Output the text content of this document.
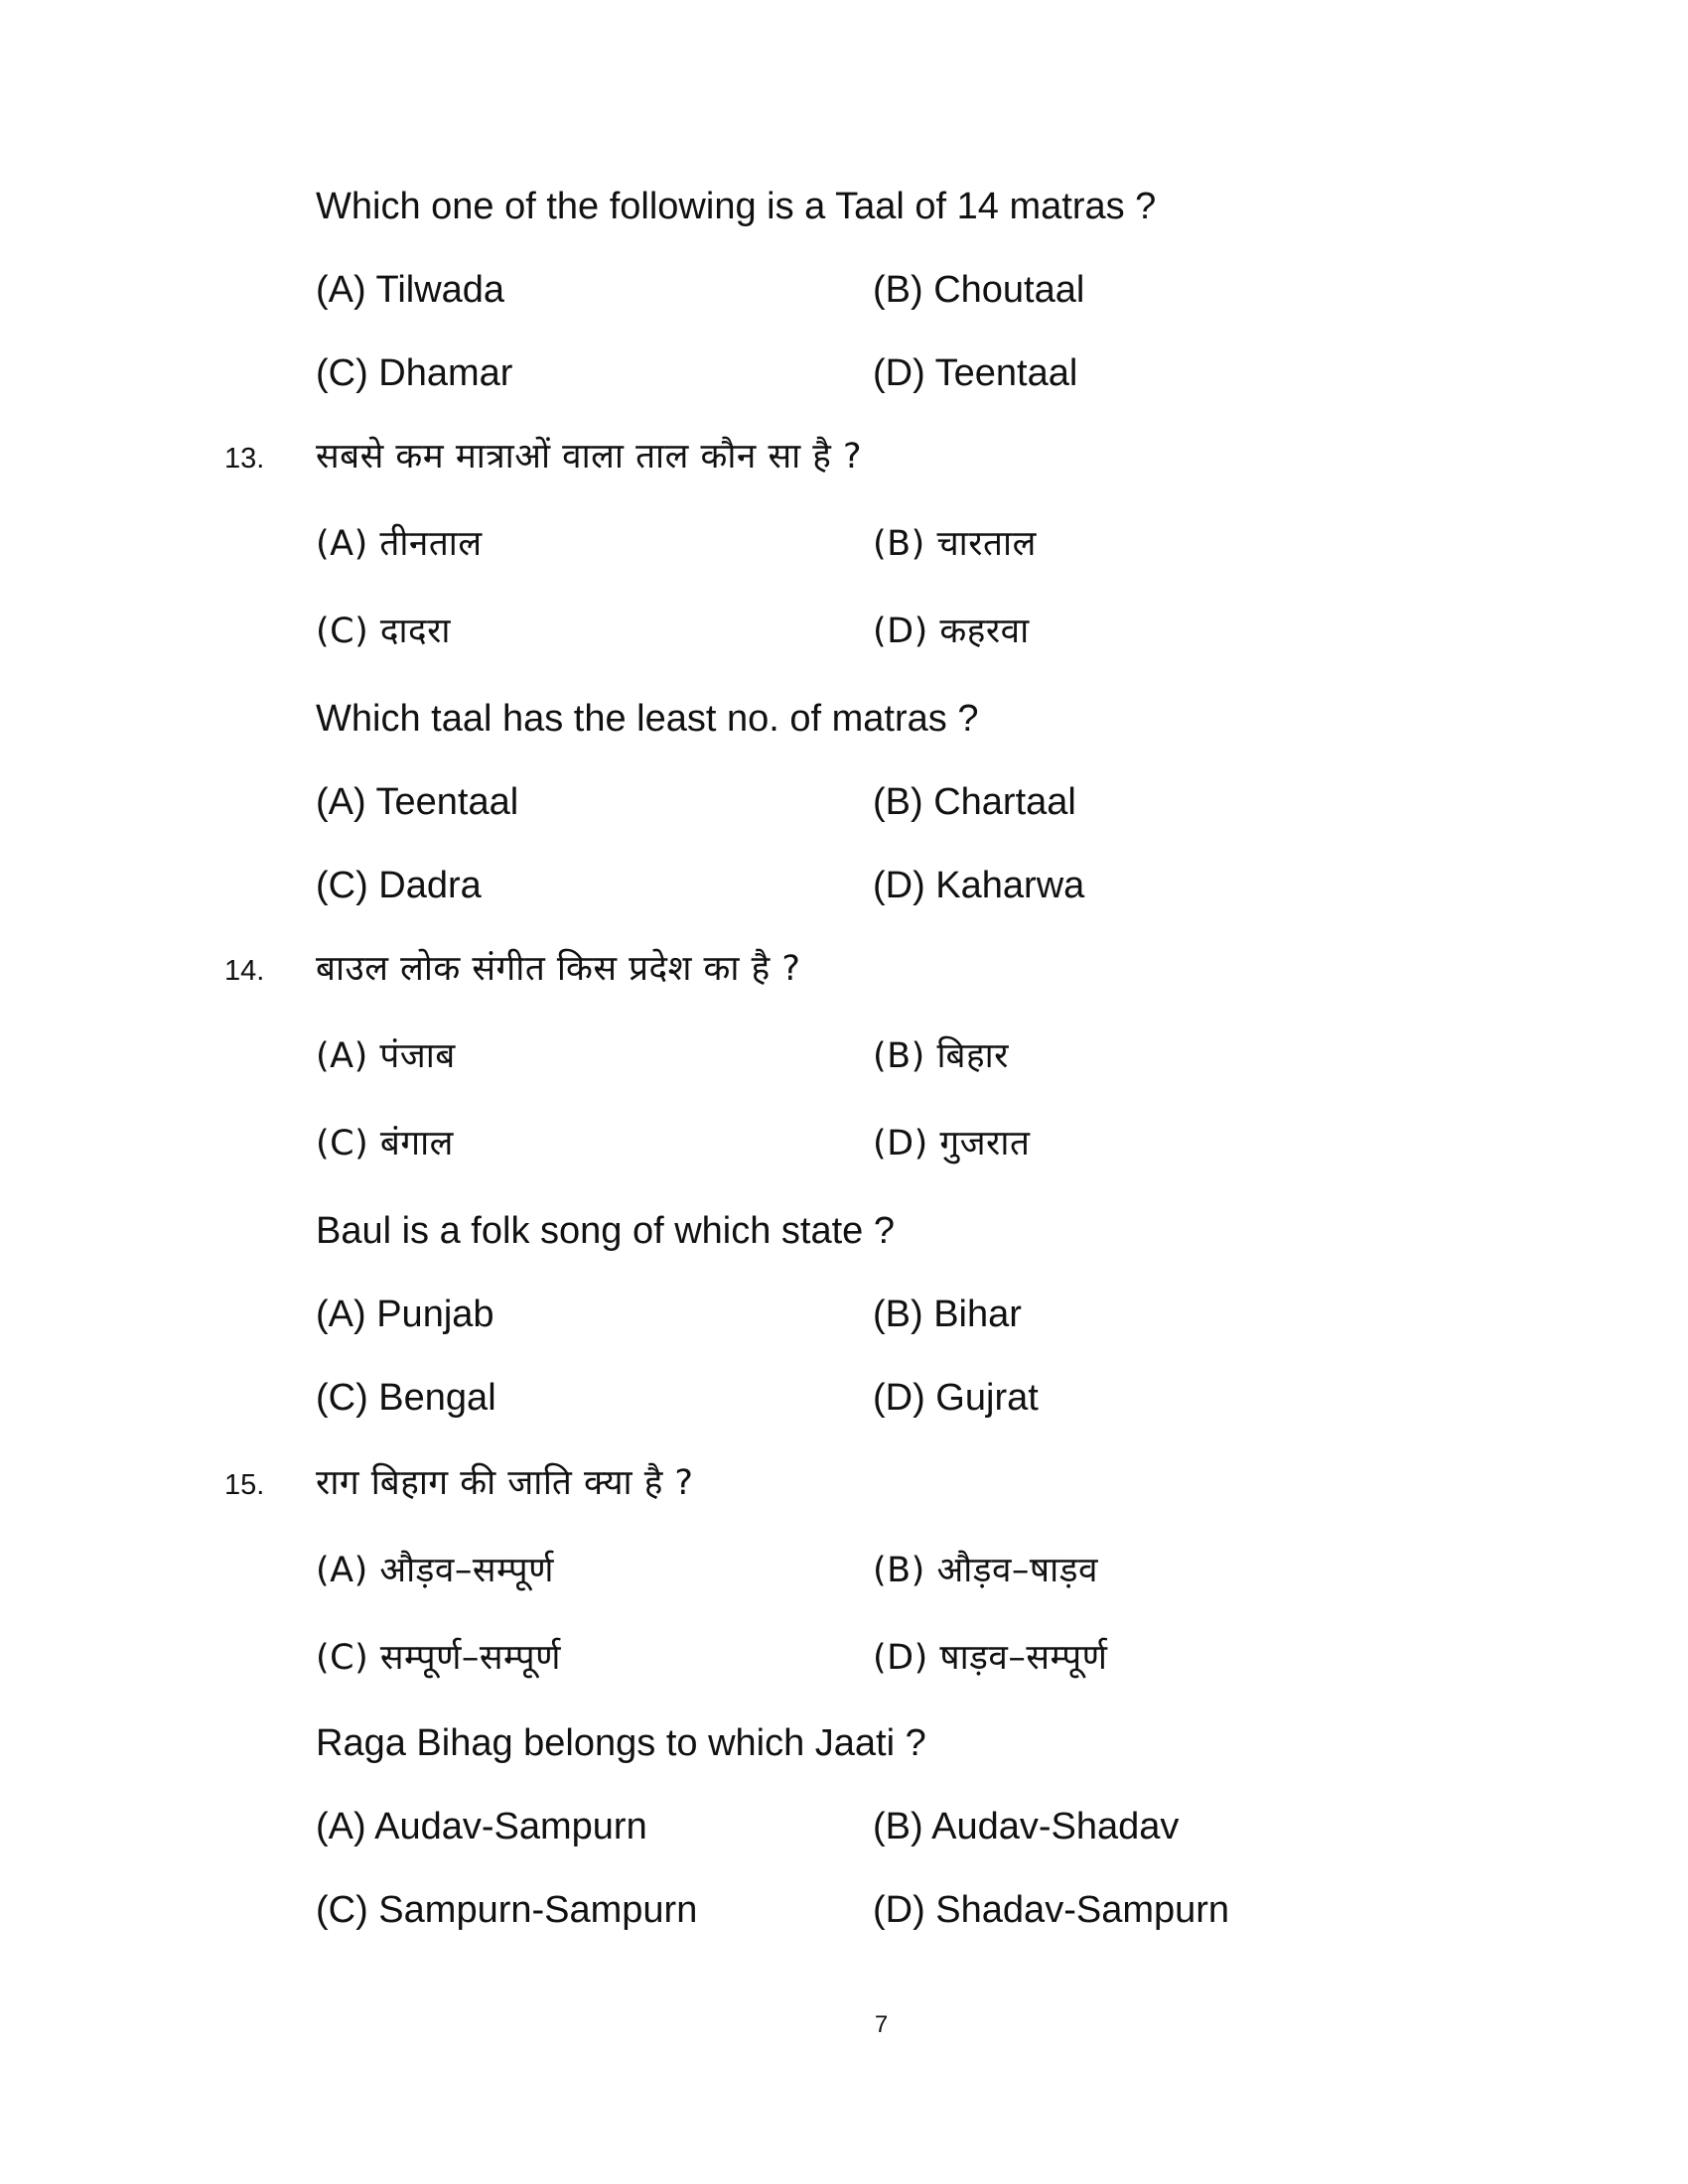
Which one of the following is a Taal of 14 matras ?
(A) Tilwada	(B) Choutaal
(C) Dhamar	(D) Teentaal
13. सबसे कम मात्राओं वाला ताल कौन सा है ?
(A) तीनताल	(B) चारताल
(C) दादरा	(D) कहरवा
Which taal has the least no. of matras ?
(A) Teentaal	(B) Chartaal
(C) Dadra	(D) Kaharwa
14. बाउल लोक संगीत किस प्रदेश का है ?
(A) पंजाब	(B) बिहार
(C) बंगाल	(D) गुजरात
Baul is a folk song of which state ?
(A) Punjab	(B) Bihar
(C) Bengal	(D) Gujrat
15. राग बिहाग की जाति क्या है ?
(A) औड़व–सम्पूर्ण	(B) औड़व–षाड़व
(C) सम्पूर्ण–सम्पूर्ण	(D) षाड़व–सम्पूर्ण
Raga Bihag belongs to which Jaati ?
(A) Audav-Sampurn	(B) Audav-Shadav
(C) Sampurn-Sampurn	(D) Shadav-Sampurn
7
